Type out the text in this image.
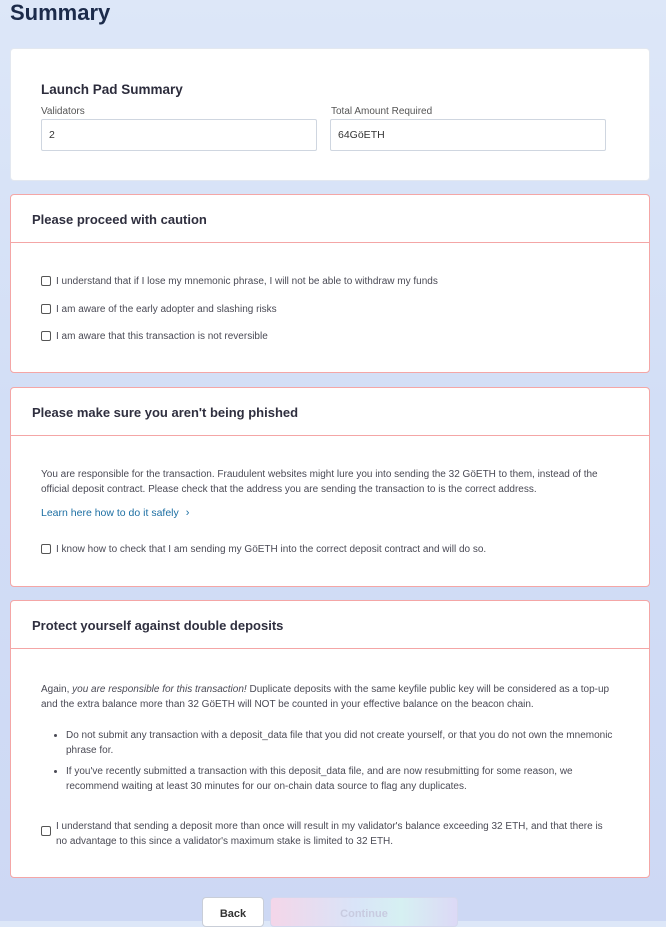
Summary
Launch Pad Summary
Validators
2
Total Amount Required
64GöETH
Please proceed with caution
I understand that if I lose my mnemonic phrase, I will not be able to withdraw my funds
I am aware of the early adopter and slashing risks
I am aware that this transaction is not reversible
Please make sure you aren't being phished
You are responsible for the transaction. Fraudulent websites might lure you into sending the 32 GöETH to them, instead of the official deposit contract. Please check that the address you are sending the transaction to is the correct address.
Learn here how to do it safely ›
I know how to check that I am sending my GöETH into the correct deposit contract and will do so.
Protect yourself against double deposits
Again, you are responsible for this transaction! Duplicate deposits with the same keyfile public key will be considered as a top-up and the extra balance more than 32 GöETH will NOT be counted in your effective balance on the beacon chain.
• Do not submit any transaction with a deposit_data file that you did not create yourself, or that you do not own the mnemonic phrase for.
• If you've recently submitted a transaction with this deposit_data file, and are now resubmitting for some reason, we recommend waiting at least 30 minutes for our on-chain data source to flag any duplicates.
I understand that sending a deposit more than once will result in my validator's balance exceeding 32 ETH, and that there is no advantage to this since a validator's maximum stake is limited to 32 ETH.
Back	Continue
